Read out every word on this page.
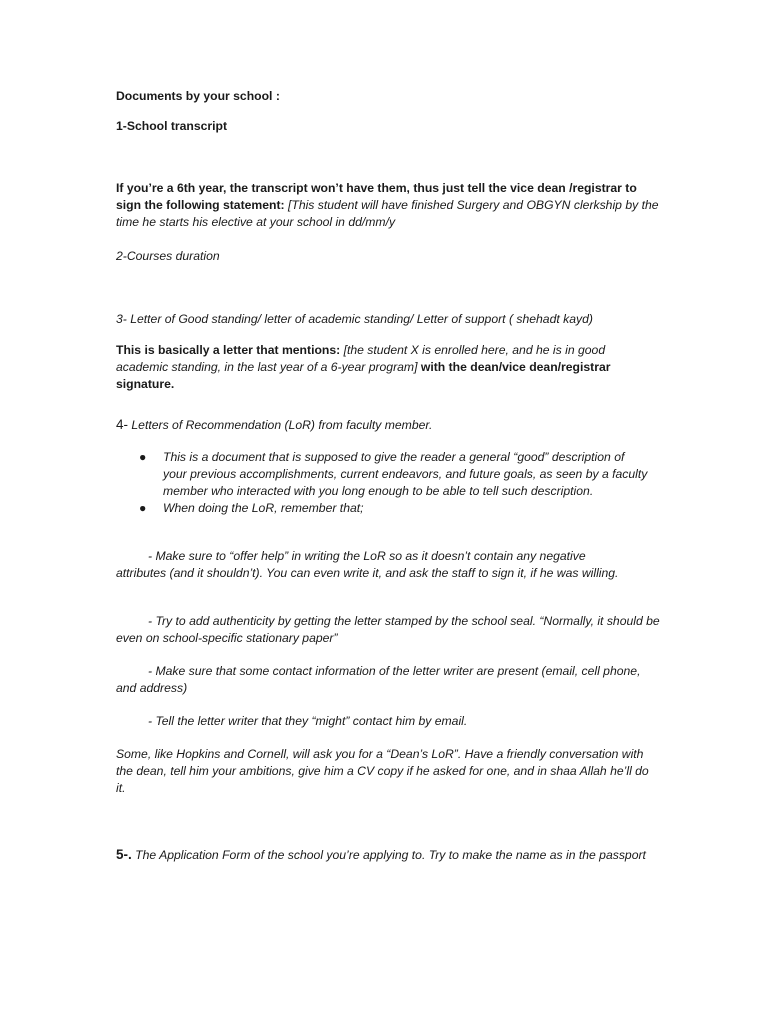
Documents by your school :

1-School transcript

If you’re a 6th year, the transcript won’t have them, thus just tell the vice dean /registrar to sign the following statement: [This student will have finished Surgery and OBGYN clerkship by the time he starts his elective at your school in dd/mm/y

2-Courses duration

3- Letter of Good standing/ letter of academic standing/ Letter of support ( shehadt kayd)

This is basically a letter that mentions: [the student X is enrolled here, and he is in good academic standing, in the last year of a 6-year program] with the dean/vice dean/registrar signature.

4- Letters of Recommendation (LoR) from faculty member.

● This is a document that is supposed to give the reader a general “good” description of your previous accomplishments, current endeavors, and future goals, as seen by a faculty member who interacted with you long enough to be able to tell such description.
● When doing the LoR, remember that;

- Make sure to “offer help” in writing the LoR so as it doesn’t contain any negative attributes (and it shouldn’t). You can even write it, and ask the staff to sign it, if he was willing.

- Try to add authenticity by getting the letter stamped by the school seal. “Normally, it should be even on school-specific stationary paper”

- Make sure that some contact information of the letter writer are present (email, cell phone, and address)

- Tell the letter writer that they “might” contact him by email.

Some, like Hopkins and Cornell, will ask you for a “Dean’s LoR”. Have a friendly conversation with the dean, tell him your ambitions, give him a CV copy if he asked for one, and in shaa Allah he’ll do it.

5-. The Application Form of the school you’re applying to. Try to make the name as in the passport
